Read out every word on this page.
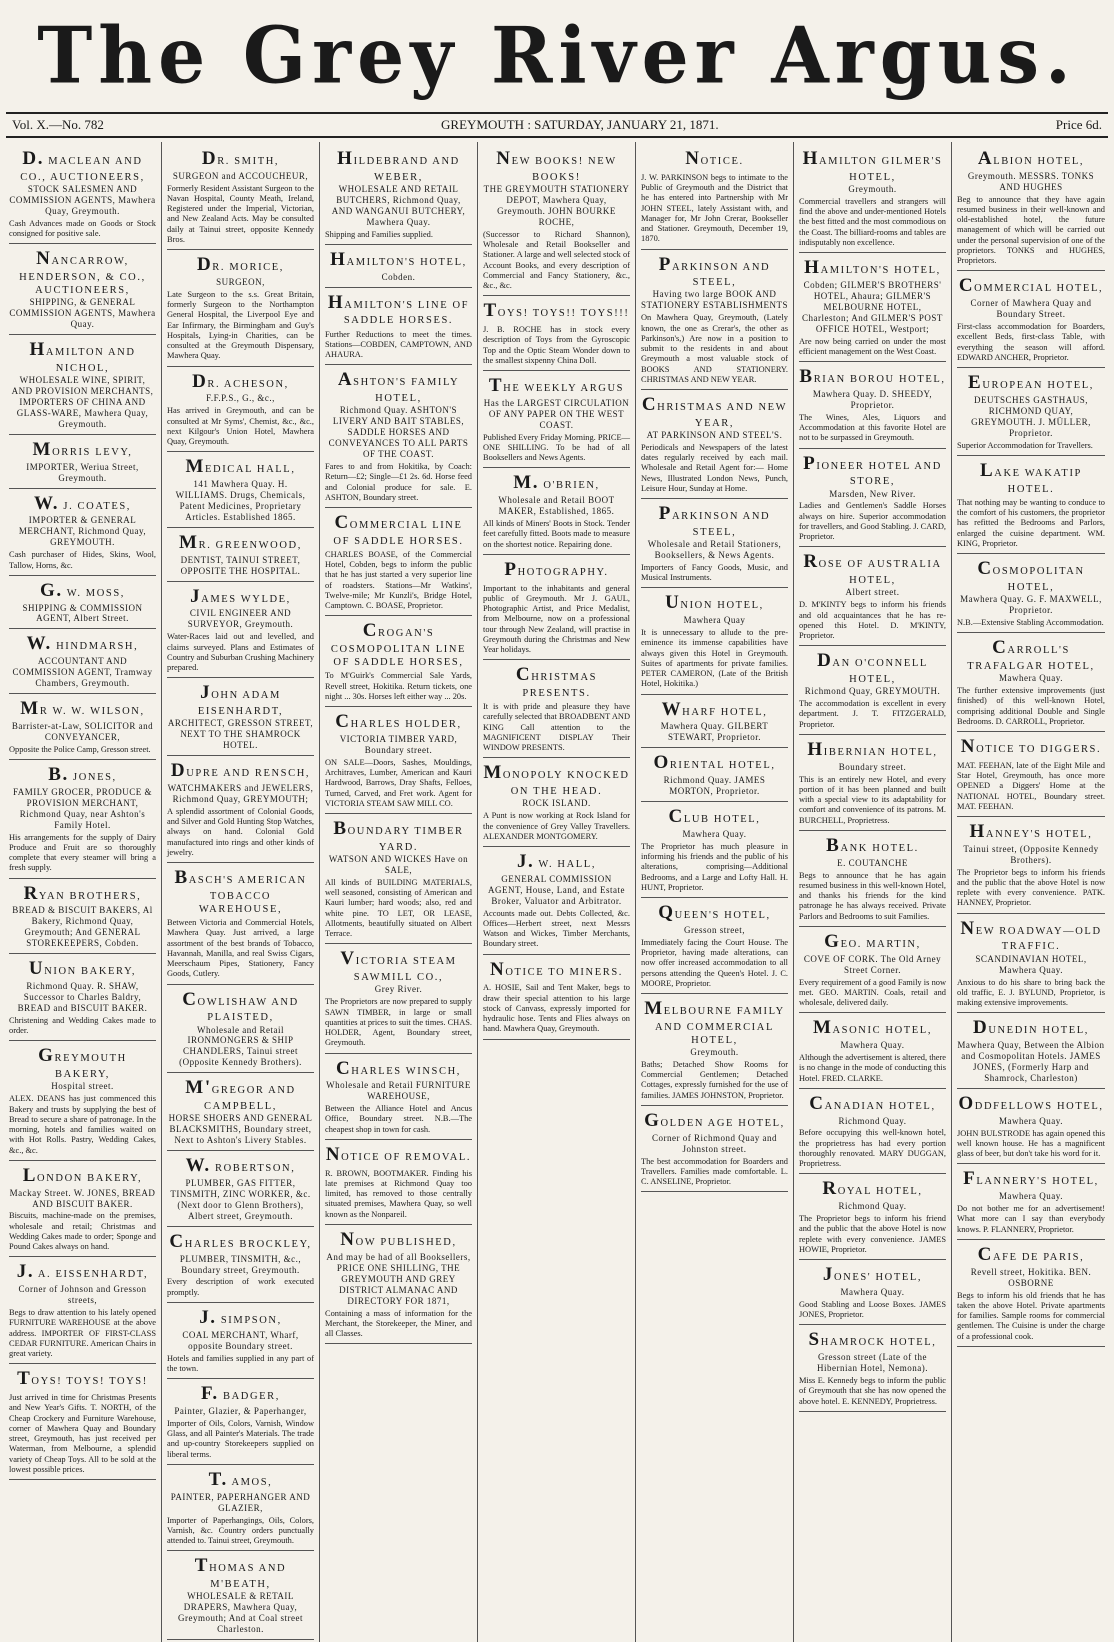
The Grey River Argus.
Vol. X.—No. 782	GREYMOUTH : SATURDAY, JANUARY 21, 1871.	Price 6d.
D. MACLEAN AND CO., AUCTIONEERS,
STOCK SALESMEN AND COMMISSION AGENTS, Mawhera Quay, Greymouth.
Cash Advances made on Goods or Stock consigned for positive sale.
NANCARROW, HENDERSON, & CO., AUCTIONEERS,
SHIPPING, & GENERAL COMMISSION AGENTS, Mawhera Quay.
HAMILTON AND NICHOL,
WHOLESALE WINE, SPIRIT, AND PROVISION MERCHANTS, IMPORTERS OF CHINA AND GLASS-WARE, Mawhera Quay, Greymouth.
MORRIS LEVY,
IMPORTER, Weriua Street, Greymouth.
W. J. COATES,
IMPORTER & GENERAL MERCHANT, Richmond Quay, GREYMOUTH.
Cash purchaser of Hides, Skins, Wool, Tallow, Horns, &c.
G. W. MOSS,
SHIPPING & COMMISSION AGENT, Albert Street.
W. HINDMARSH,
ACCOUNTANT AND COMMISSION AGENT, Tramway Chambers, Greymouth.
MR W. W. WILSON,
Barrister-at-Law, SOLICITOR and CONVEYANCER,
Opposite the Police Camp, Gresson street.
B. JONES,
FAMILY GROCER, PRODUCE & PROVISION MERCHANT, Richmond Quay, near Ashton's Family Hotel.
His arrangements for the supply of Dairy Produce and Fruit are so thoroughly complete that every steamer will bring a fresh supply.
RYAN BROTHERS,
BREAD & BISCUIT BAKERS, Al Bakery, Richmond Quay, Greymouth; And GENERAL STOREKEEPERS, Cobden.
UNION BAKERY,
Richmond Quay. R. SHAW, Successor to Charles Baldry, BREAD and BISCUIT BAKER.
Christening and Wedding Cakes made to order.
GREYMOUTH BAKERY,
Hospital street.
ALEX. DEANS has just commenced this Bakery and trusts by supplying the best of Bread to secure a share of patronage. In the morning, hotels and families waited on with Hot Rolls. Pastry, Wedding Cakes, &c., &c.
LONDON BAKERY,
Mackay Street. W. JONES, BREAD AND BISCUIT BAKER.
Biscuits, machine-made on the premises, wholesale and retail; Christmas and Wedding Cakes made to order; Sponge and Pound Cakes always on hand.
J. A. EISSENHARDT,
Corner of Johnson and Gresson streets,
Begs to draw attention to his lately opened FURNITURE WAREHOUSE at the above address. IMPORTER OF FIRST-CLASS CEDAR FURNITURE. American Chairs in great variety.
TOYS! TOYS! TOYS!
Just arrived in time for Christmas Presents and New Year's Gifts. T. NORTH, of the Cheap Crockery and Furniture Warehouse, corner of Mawhera Quay and Boundary street, Greymouth, has just received per Waterman, from Melbourne, a splendid variety of Cheap Toys. All to be sold at the lowest possible prices.
DR. SMITH,
SURGEON and ACCOUCHEUR,
Formerly Resident Assistant Surgeon to the Navan Hospital, County Meath, Ireland, Registered under the Imperial, Victorian, and New Zealand Acts. May be consulted daily at Tainui street, opposite Kennedy Bros.
DR. MORICE,
SURGEON,
Late Surgeon to the s.s. Great Britain, formerly Surgeon to the Northampton General Hospital, the Liverpool Eye and Ear Infirmary, the Birmingham and Guy's Hospitals, Lying-in Charities, can be consulted at the Greymouth Dispensary, Mawhera Quay.
DR. ACHESON,
F.F.P.S., G., &c.,
Has arrived in Greymouth, and can be consulted at Mr Syms', Chemist, &c., &c., next Kilgour's Union Hotel, Mawhera Quay, Greymouth.
MEDICAL HALL,
141 Mawhera Quay. H. WILLIAMS. Drugs, Chemicals, Patent Medicines, Proprietary Articles. Established 1865.
MR. GREENWOOD,
DENTIST, TAINUI STREET, OPPOSITE THE HOSPITAL.
JAMES WYLDE,
CIVIL ENGINEER AND SURVEYOR, Greymouth.
Water-Races laid out and levelled, and claims surveyed. Plans and Estimates of Country and Suburban Crushing Machinery prepared.
JOHN ADAM EISENHARDT,
ARCHITECT, GRESSON STREET, NEXT TO THE SHAMROCK HOTEL.
DUPRE AND RENSCH,
WATCHMAKERS and JEWELERS, Richmond Quay, GREYMOUTH;
A splendid assortment of Colonial Goods, and Silver and Gold Hunting Stop Watches, always on hand. Colonial Gold manufactured into rings and other kinds of jewelry.
BASCH'S AMERICAN TOBACCO WAREHOUSE,
Between Victoria and Commercial Hotels, Mawhera Quay. Just arrived, a large assortment of the best brands of Tobacco, Havannah, Manilla, and real Swiss Cigars, Meerschaum Pipes, Stationery, Fancy Goods, Cutlery.
COWLISHAW AND PLAISTED,
Wholesale and Retail IRONMONGERS & SHIP CHANDLERS, Tainui street (Opposite Kennedy Brothers).
M'GREGOR AND CAMPBELL,
HORSE SHOERS AND GENERAL BLACKSMITHS, Boundary street, Next to Ashton's Livery Stables.
W. ROBERTSON,
PLUMBER, GAS FITTER, TINSMITH, ZINC WORKER, &c. (Next door to Glenn Brothers), Albert street, Greymouth.
CHARLES BROCKLEY,
PLUMBER, TINSMITH, &c., Boundary street, Greymouth.
Every description of work executed promptly.
J. SIMPSON,
COAL MERCHANT, Wharf, opposite Boundary street.
Hotels and families supplied in any part of the town.
F. BADGER,
Painter, Glazier, & Paperhanger,
Importer of Oils, Colors, Varnish, Window Glass, and all Painter's Materials. The trade and up-country Storekeepers supplied on liberal terms.
T. AMOS,
PAINTER, PAPERHANGER AND GLAZIER,
Importer of Paperhangings, Oils, Colors, Varnish, &c. Country orders punctually attended to. Tainui street, Greymouth.
THOMAS AND M'BEATH,
WHOLESALE & RETAIL DRAPERS, Mawhera Quay, Greymouth; And at Coal street Charleston.
HILDEBRAND AND WEBER,
WHOLESALE AND RETAIL BUTCHERS, Richmond Quay, AND WANGANUI BUTCHERY, Mawhera Quay.
Shipping and Families supplied.
HAMILTON'S HOTEL,
Cobden.
HAMILTON'S LINE OF SADDLE HORSES.
Further Reductions to meet the times. Stations—COBDEN, CAMPTOWN, AND AHAURA.
ASHTON'S FAMILY HOTEL,
Richmond Quay. ASHTON'S LIVERY AND BAIT STABLES, SADDLE HORSES AND CONVEYANCES TO ALL PARTS OF THE COAST.
Fares to and from Hokitika, by Coach: Return—£2; Single—£1 2s. 6d. Horse feed and Colonial produce for sale. E. ASHTON, Boundary street.
COMMERCIAL LINE OF SADDLE HORSES.
CHARLES BOASE, of the Commercial Hotel, Cobden, begs to inform the public that he has just started a very superior line of roadsters. Stations—Mr Watkins', Twelve-mile; Mr Kunzli's, Bridge Hotel, Camptown. C. BOASE, Proprietor.
CROGAN'S COSMOPOLITAN LINE OF SADDLE HORSES,
To M'Guirk's Commercial Sale Yards, Revell street, Hokitika. Return tickets, one night ... 30s. Horses left either way ... 20s.
CHARLES HOLDER,
VICTORIA TIMBER YARD, Boundary street.
ON SALE—Doors, Sashes, Mouldings, Architraves, Lumber, American and Kauri Hardwood, Barrows, Dray Shafts, Felloes, Turned, Carved, and Fret work. Agent for VICTORIA STEAM SAW MILL CO.
BOUNDARY TIMBER YARD.
WATSON AND WICKES Have on SALE,
All kinds of BUILDING MATERIALS, well seasoned, consisting of American and Kauri lumber; hard woods; also, red and white pine. TO LET, OR LEASE, Allotments, beautifully situated on Albert Terrace.
VICTORIA STEAM SAWMILL CO.,
Grey River.
The Proprietors are now prepared to supply SAWN TIMBER, in large or small quantities at prices to suit the times. CHAS. HOLDER, Agent, Boundary street, Greymouth.
CHARLES WINSCH,
Wholesale and Retail FURNITURE WAREHOUSE,
Between the Alliance Hotel and Ancus Office, Boundary street. N.B.—The cheapest shop in town for cash.
NOTICE OF REMOVAL.
R. BROWN, BOOTMAKER. Finding his late premises at Richmond Quay too limited, has removed to those centrally situated premises, Mawhera Quay, so well known as the Nonpareil.
NOW PUBLISHED,
And may be had of all Booksellers, PRICE ONE SHILLING, THE GREYMOUTH AND GREY DISTRICT ALMANAC AND DIRECTORY FOR 1871,
Containing a mass of information for the Merchant, the Storekeeper, the Miner, and all Classes.
NEW BOOKS! NEW BOOKS!
THE GREYMOUTH STATIONERY DEPOT, Mawhera Quay, Greymouth. JOHN BOURKE ROCHE,
(Successor to Richard Shannon), Wholesale and Retail Bookseller and Stationer. A large and well selected stock of Account Books, and every description of Commercial and Fancy Stationery, &c., &c., &c.
TOYS! TOYS!! TOYS!!!
J. B. ROCHE has in stock every description of Toys from the Gyroscopic Top and the Optic Steam Wonder down to the smallest sixpenny China Doll.
THE WEEKLY ARGUS
Has the LARGEST CIRCULATION OF ANY PAPER ON THE WEST COAST.
Published Every Friday Morning. PRICE—ONE SHILLING. To be had of all Booksellers and News Agents.
M. O'BRIEN,
Wholesale and Retail BOOT MAKER, Established, 1865.
All kinds of Miners' Boots in Stock. Tender feet carefully fitted. Boots made to measure on the shortest notice. Repairing done.
PHOTOGRAPHY.
Important to the inhabitants and general public of Greymouth. Mr J. GAUL, Photographic Artist, and Price Medalist, from Melbourne, now on a professional tour through New Zealand, will practise in Greymouth during the Christmas and New Year holidays.
CHRISTMAS PRESENTS.
It is with pride and pleasure they have carefully selected that BROADBENT AND KING Call attention to the MAGNIFICENT DISPLAY Their WINDOW PRESENTS.
MONOPOLY KNOCKED ON THE HEAD.
ROCK ISLAND.
A Punt is now working at Rock Island for the convenience of Grey Valley Travellers. ALEXANDER MONTGOMERY.
J. W. HALL,
GENERAL COMMISSION AGENT, House, Land, and Estate Broker, Valuator and Arbitrator.
Accounts made out. Debts Collected, &c. Offices—Herbert street, next Messrs Watson and Wickes, Timber Merchants, Boundary street.
NOTICE TO MINERS.
A. HOSIE, Sail and Tent Maker, begs to draw their special attention to his large stock of Canvass, expressly imported for hydraulic hose. Tents and Flies always on hand. Mawhera Quay, Greymouth.
NOTICE.
J. W. PARKINSON begs to intimate to the Public of Greymouth and the District that he has entered into Partnership with Mr JOHN STEEL, lately Assistant with, and Manager for, Mr John Crerar, Bookseller and Stationer. Greymouth, December 19, 1870.
PARKINSON AND STEEL,
Having two large BOOK AND STATIONERY ESTABLISHMENTS
On Mawhera Quay, Greymouth, (Lately known, the one as Crerar's, the other as Parkinson's,) Are now in a position to submit to the residents in and about Greymouth a most valuable stock of BOOKS AND STATIONERY. CHRISTMAS AND NEW YEAR.
CHRISTMAS AND NEW YEAR,
AT PARKINSON AND STEEL'S.
Periodicals and Newspapers of the latest dates regularly received by each mail. Wholesale and Retail Agent for:— Home News, Illustrated London News, Punch, Leisure Hour, Sunday at Home.
PARKINSON AND STEEL,
Wholesale and Retail Stationers, Booksellers, & News Agents.
Importers of Fancy Goods, Music, and Musical Instruments.
UNION HOTEL,
Mawhera Quay
It is unnecessary to allude to the pre-eminence its immense capabilities have always given this Hotel in Greymouth. Suites of apartments for private families. PETER CAMERON, (Late of the British Hotel, Hokitika.)
WHARF HOTEL,
Mawhera Quay. GILBERT STEWART, Proprietor.
ORIENTAL HOTEL,
Richmond Quay. JAMES MORTON, Proprietor.
CLUB HOTEL,
Mawhera Quay.
The Proprietor has much pleasure in informing his friends and the public of his alterations, comprising—Additional Bedrooms, and a Large and Lofty Hall. H. HUNT, Proprietor.
QUEEN'S HOTEL,
Gresson street,
Immediately facing the Court House. The Proprietor, having made alterations, can now offer increased accommodation to all persons attending the Queen's Hotel. J. C. MOORE, Proprietor.
MELBOURNE FAMILY AND COMMERCIAL HOTEL,
Greymouth.
Baths; Detached Show Rooms for Commercial Gentlemen; Detached Cottages, expressly furnished for the use of families. JAMES JOHNSTON, Proprietor.
GOLDEN AGE HOTEL,
Corner of Richmond Quay and Johnston street.
The best accommodation for Boarders and Travellers. Families made comfortable. L. C. ANSELINE, Proprietor.
HAMILTON GILMER'S HOTEL,
Greymouth.
Commercial travellers and strangers will find the above and under-mentioned Hotels the best fitted and the most commodious on the Coast. The billiard-rooms and tables are indisputably non excellence.
HAMILTON'S HOTEL,
Cobden; GILMER'S BROTHERS' HOTEL, Ahaura; GILMER'S MELBOURNE HOTEL, Charleston; And GILMER'S POST OFFICE HOTEL, Westport;
Are now being carried on under the most efficient management on the West Coast.
BRIAN BOROU HOTEL,
Mawhera Quay. D. SHEEDY, Proprietor.
The Wines, Ales, Liquors and Accommodation at this favorite Hotel are not to be surpassed in Greymouth.
PIONEER HOTEL AND STORE,
Marsden, New River.
Ladies and Gentlemen's Saddle Horses always on hire. Superior accommodation for travellers, and Good Stabling. J. CARD, Proprietor.
ROSE OF AUSTRALIA HOTEL,
Albert street.
D. M'KINTY begs to inform his friends and old acquaintances that he has re-opened this Hotel. D. M'KINTY, Proprietor.
DAN O'CONNELL HOTEL,
Richmond Quay, GREYMOUTH.
The accommodation is excellent in every department. J. T. FITZGERALD, Proprietor.
HIBERNIAN HOTEL,
Boundary street.
This is an entirely new Hotel, and every portion of it has been planned and built with a special view to its adaptability for comfort and convenience of its patrons. M. BURCHELL, Proprietress.
BANK HOTEL.
E. COUTANCHE
Begs to announce that he has again resumed business in this well-known Hotel, and thanks his friends for the kind patronage he has always received. Private Parlors and Bedrooms to suit Families.
GEO. MARTIN,
COVE OF CORK. The Old Arney Street Corner.
Every requirement of a good Family is now met. GEO. MARTIN. Coals, retail and wholesale, delivered daily.
MASONIC HOTEL,
Mawhera Quay.
Although the advertisement is altered, there is no change in the mode of conducting this Hotel. FRED. CLARKE.
CANADIAN HOTEL,
Richmond Quay.
Before occupying this well-known hotel, the proprietress has had every portion thoroughly renovated. MARY DUGGAN, Proprietress.
ROYAL HOTEL,
Richmond Quay.
The Proprietor begs to inform his friend and the public that the above Hotel is now replete with every convenience. JAMES HOWIE, Proprietor.
JONES' HOTEL,
Mawhera Quay.
Good Stabling and Loose Boxes. JAMES JONES, Proprietor.
SHAMROCK HOTEL,
Gresson street (Late of the Hibernian Hotel, Nemona).
Miss E. Kennedy begs to inform the public of Greymouth that she has now opened the above hotel. E. KENNEDY, Proprietress.
ALBION HOTEL,
Greymouth. MESSRS. TONKS AND HUGHES
Beg to announce that they have again resumed business in their well-known and old-established hotel, the future management of which will be carried out under the personal supervision of one of the proprietors. TONKS and HUGHES, Proprietors.
COMMERCIAL HOTEL,
Corner of Mawhera Quay and Boundary Street.
First-class accommodation for Boarders, excellent Beds, first-class Table, with everything the season will afford. EDWARD ANCHER, Proprietor.
EUROPEAN HOTEL,
DEUTSCHES GASTHAUS, RICHMOND QUAY, GREYMOUTH. J. MÜLLER, Proprietor.
Superior Accommodation for Travellers.
LAKE WAKATIP HOTEL.
That nothing may be wanting to conduce to the comfort of his customers, the proprietor has refitted the Bedrooms and Parlors, enlarged the cuisine department. WM. KING, Proprietor.
COSMOPOLITAN HOTEL,
Mawhera Quay. G. F. MAXWELL, Proprietor.
N.B.—Extensive Stabling Accommodation.
CARROLL'S TRAFALGAR HOTEL,
Mawhera Quay.
The further extensive improvements (just finished) of this well-known Hotel, comprising additional Double and Single Bedrooms. D. CARROLL, Proprietor.
NOTICE TO DIGGERS.
MAT. FEEHAN, late of the Eight Mile and Star Hotel, Greymouth, has once more OPENED a Diggers' Home at the NATIONAL HOTEL, Boundary street. MAT. FEEHAN.
HANNEY'S HOTEL,
Tainui street, (Opposite Kennedy Brothers).
The Proprietor begs to inform his friends and the public that the above Hotel is now replete with every convenience. PATK. HANNEY, Proprietor.
NEW ROADWAY—OLD TRAFFIC.
SCANDINAVIAN HOTEL, Mawhera Quay.
Anxious to do his share to bring back the old traffic, E. J. BYLUND, Proprietor, is making extensive improvements.
DUNEDIN HOTEL,
Mawhera Quay, Between the Albion and Cosmopolitan Hotels. JAMES JONES, (Formerly Harp and Shamrock, Charleston)
ODDFELLOWS HOTEL,
Mawhera Quay.
JOHN BULSTRODE has again opened this well known house. He has a magnificent glass of beer, but don't take his word for it.
FLANNERY'S HOTEL,
Mawhera Quay.
Do not bother me for an advertisement! What more can I say than everybody knows. P. FLANNERY, Proprietor.
CAFE DE PARIS,
Revell street, Hokitika. BEN. OSBORNE
Begs to inform his old friends that he has taken the above Hotel. Private apartments for families. Sample rooms for commercial gentlemen. The Cuisine is under the charge of a professional cook.
